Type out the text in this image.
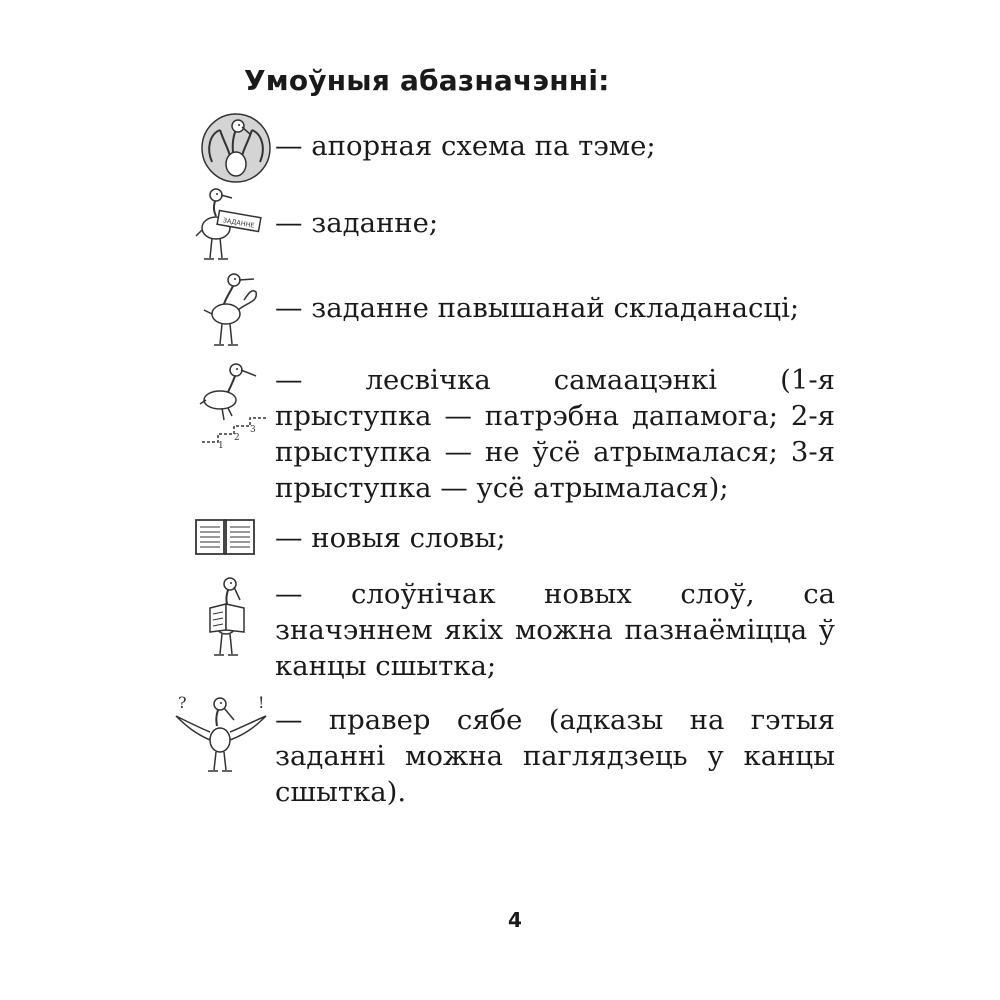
Умоўныя абазначэнні:

— апорная схема па тэме;

ЗАДАННЕ — заданне;

— заданне павышанай складанасці;

1
2
3

— лесвічка самаацэнкі (1-я прыступка — патрэбна дапамога; 2-я прыступка — не ўсё атрымалася; 3-я прыступка — усё атрымалася);

— новыя словы;

— слоўнічак новых слоў, са значэннем якіх можна пазнаёміцца ў канцы сшытка;

?	!

— правер сябе (адказы на гэтыя заданні можна паглядзець у канцы сшытка).

4
